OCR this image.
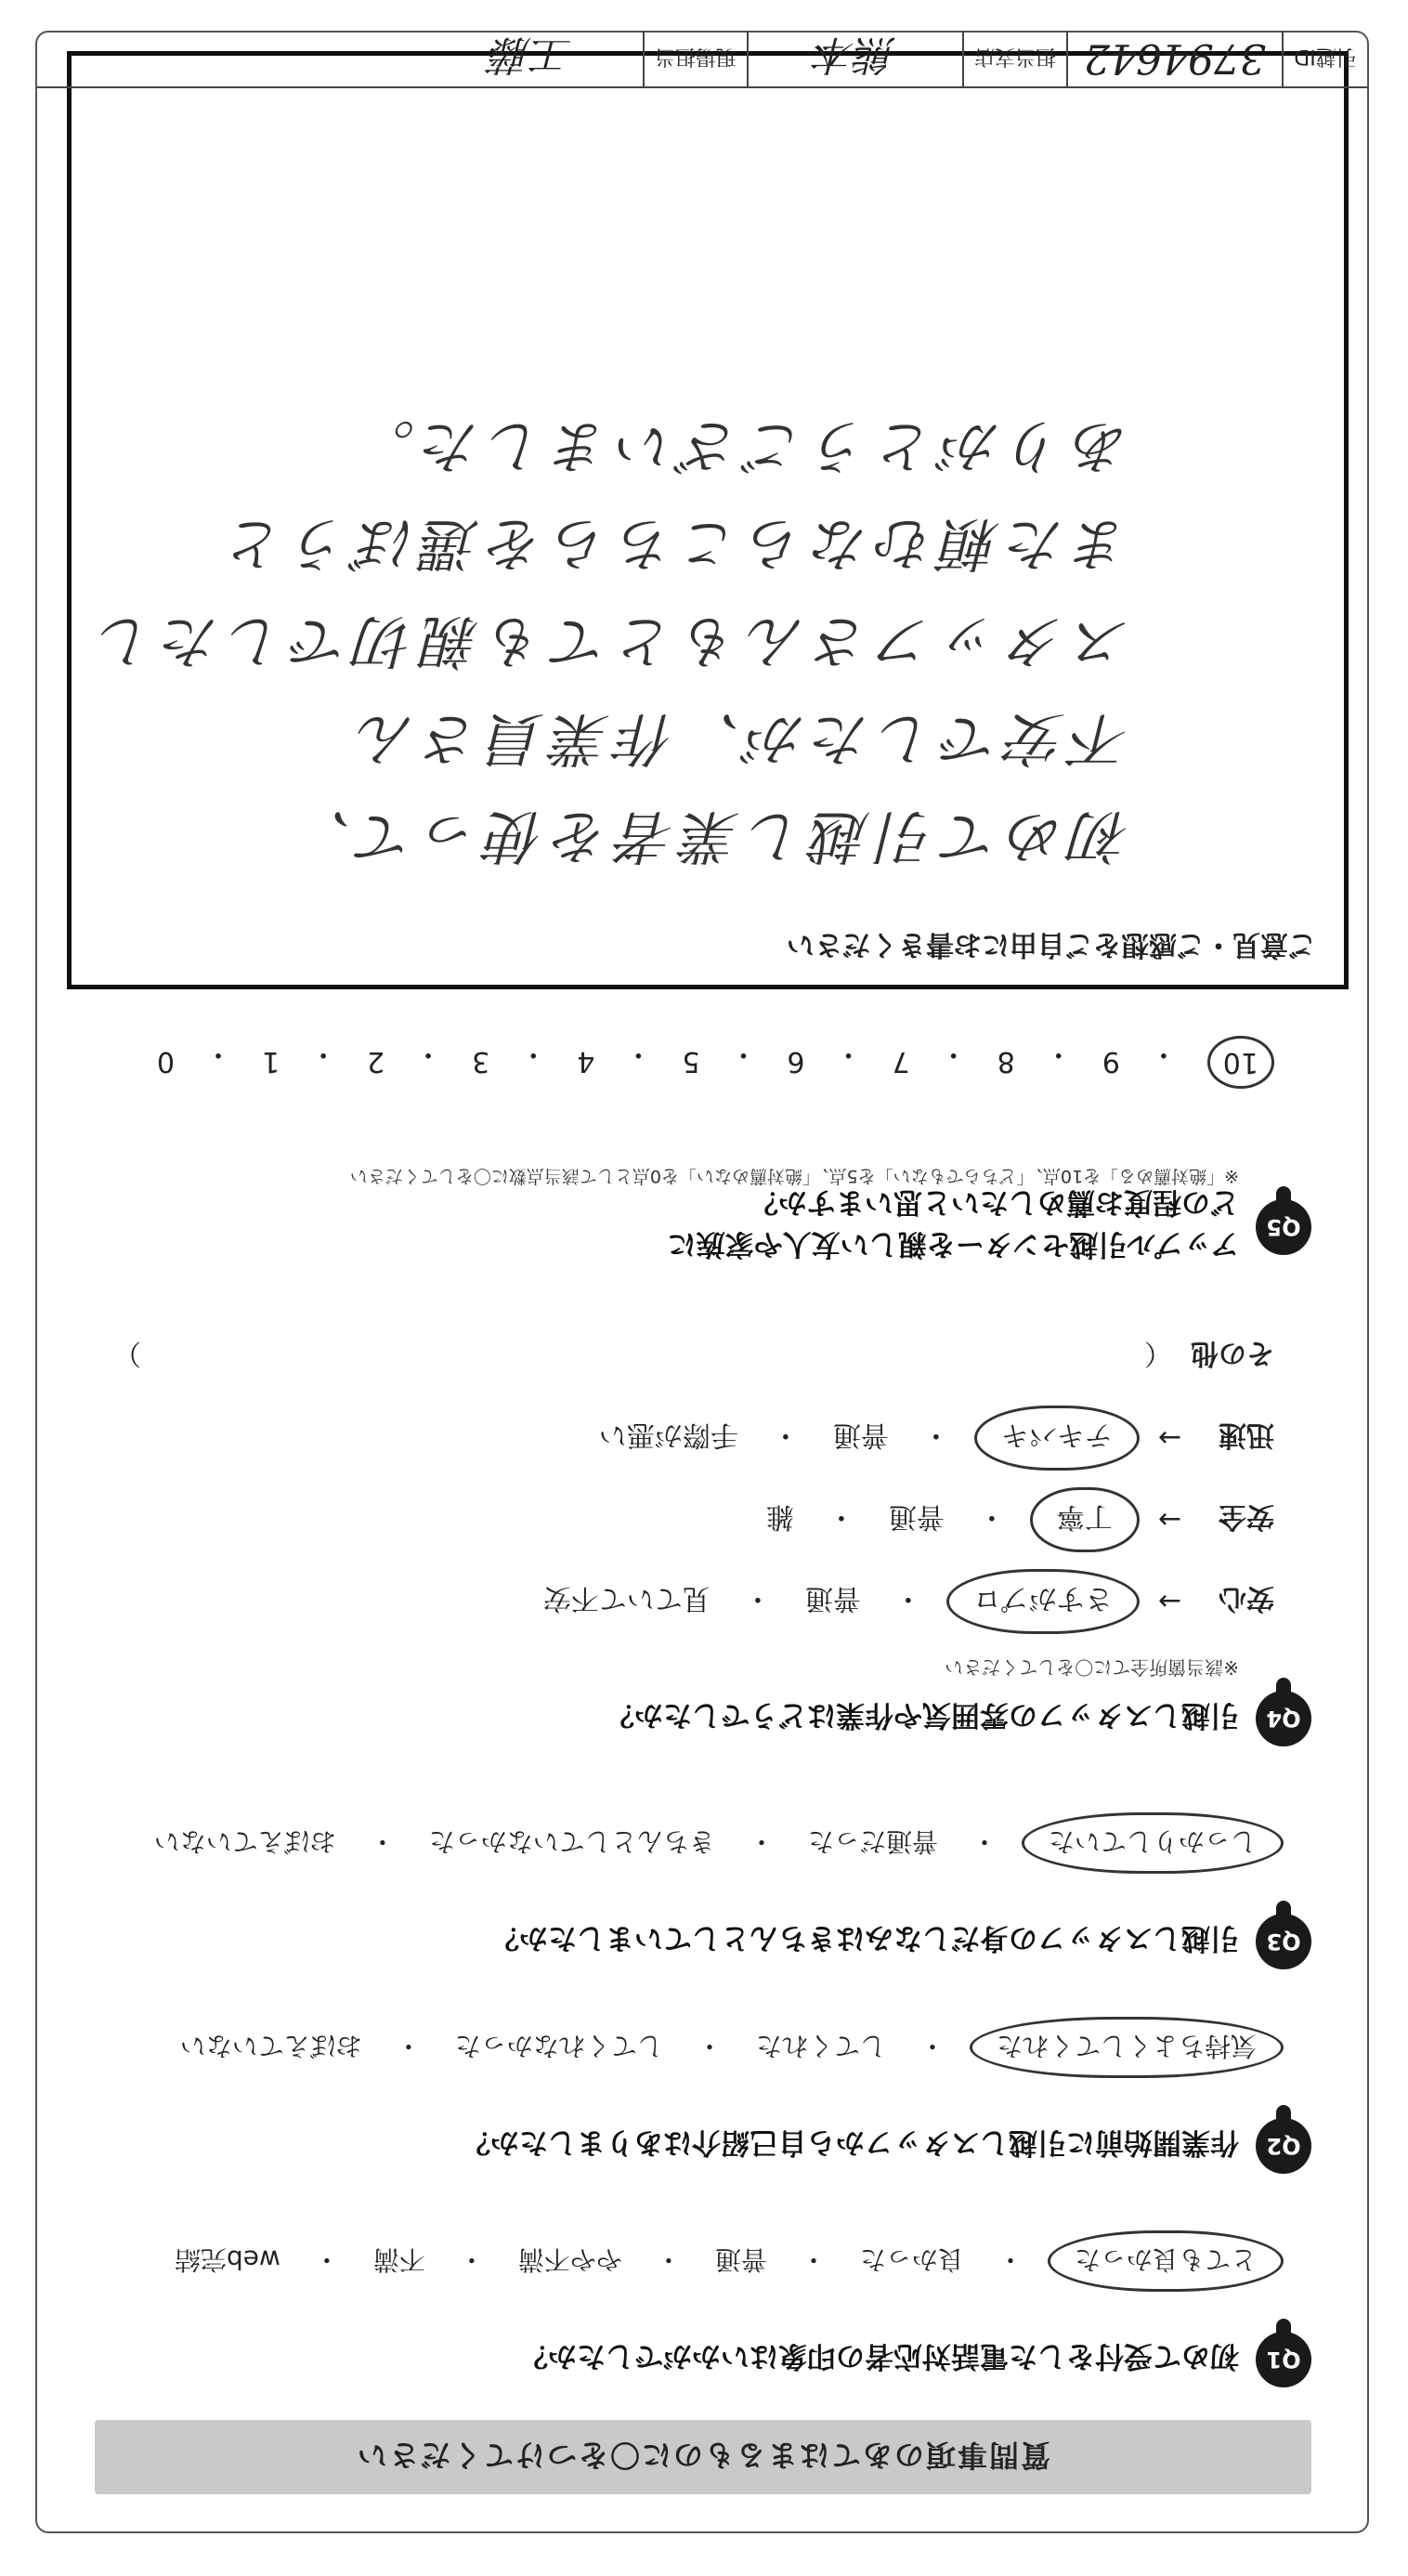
質問事項のあてはまるものに〇をつけてください
Q1
初めて受付をした電話対応者の印象はいかがでしたか？
とても良かった
・
良かった
・
普通
・
やや不満
・
不満
・
web完結
Q2
作業開始前に引越しスタッフから自己紹介はありましたか？
気持ちよくしてくれた
・
してくれた
・
してくれなかった
・
おぼえていない
Q3
引越しスタッフの身だしなみはきちんとしていましたか？
しっかりしていた
・
普通だった
・
きちんとしていなかった
・
おぼえていない
Q4
引越しスタッフの雰囲気や作業はどうでしたか？
※該当箇所全てに〇をしてください
安心
→
さすがプロ
・
普通
・
見ていて不安
安全
→
丁寧
・
普通
・
雑
迅速
→
テキパキ
・
普通
・
手際が悪い
その他
（
）
Q5
アップル引越センターを親しい友人や家族に
どの程度お薦めしたいと思いますか？
※「絶対薦める」を10点、「どちらでもない」を5点、「絶対薦めない」を0点として該当点数に〇をしてください
10
・
9
・
8
・
7
・
6
・
5
・
4
・
3
・
2
・
1
・
0
ご意見・ご感想をご自由にお書きください
初めて引越し業者を使って、
不安でしたが、作業員さん
スタッフさんもとても親切でしたし
また頼むならこちらを選ぼうと
ありがとうございました。
引越ID
3794642
担当支店
熊本
現場担当
工藤
